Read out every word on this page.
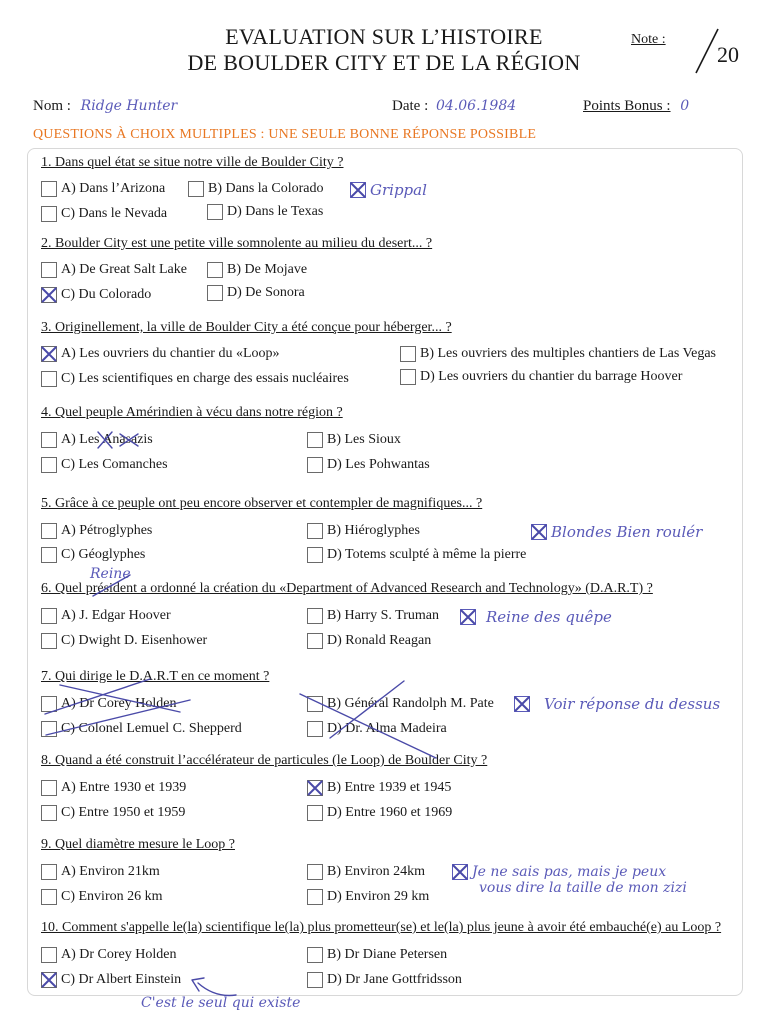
EVALUATION SUR L’HISTOIRE
DE BOULDER CITY ET DE LA RÉGION
Note :
20
Nom : Ridge Hunter	Date : 04.06.1984	Points Bonus : 0
QUESTIONS À CHOIX MULTIPLES : UNE SEULE BONNE RÉPONSE POSSIBLE
1. Dans quel état se situe notre ville de Boulder City ?
A) Dans l’Arizona	B) Dans la Colorado
C) Dans le Nevada	D) Dans le Texas
Grippal
2. Boulder City est une petite ville somnolente au milieu du desert... ?
A) De Great Salt Lake	B) De Mojave
C) Du Colorado	D) De Sonora
3. Originellement, la ville de Boulder City a été conçue pour héberger... ?
A) Les ouvriers du chantier du «Loop»	B) Les ouvriers des multiples chantiers de Las Vegas
C) Les scientifiques en charge des essais nucléaires	D) Les ouvriers du chantier du barrage Hoover
4. Quel peuple Amérindien à vécu dans notre région ?
A) Les Anasazis	B) Les Sioux
C) Les Comanches	D) Les Pohwantas
5. Grâce à ce peuple ont peu encore observer et contempler de magnifiques... ?
A) Pétroglyphes	B) Hiéroglyphes
C) Géoglyphes	D) Totems sculpté à même la pierre
Blondes Bien roulér
Reine
6. Quel président a ordonné la création du «Department of Advanced Research and Technology» (D.A.R.T) ?
A) J. Edgar Hoover	B) Harry S. Truman
C) Dwight D. Eisenhower	D) Ronald Reagan
Reine des quêpe
7. Qui dirige le D.A.R.T en ce moment ?
A) Dr Corey Holden	B) Général Randolph M. Pate
C) Colonel Lemuel C. Shepperd	D) Dr. Alma Madeira
Voir réponse du dessus
8. Quand a été construit l’accélérateur de particules (le Loop) de Boulder City ?
A) Entre 1930 et 1939	B) Entre 1939 et 1945
C) Entre 1950 et 1959	D) Entre 1960 et 1969
9. Quel diamètre mesure le Loop ?
A) Environ 21km	B) Environ 24km
C) Environ 26 km	D) Environ 29 km
Je ne sais pas, mais je peux
vous dire la taille de mon zizi
10. Comment s'appelle le(la) scientifique le(la) plus prometteur(se) et le(la) plus jeune à avoir été embauché(e) au Loop ?
A) Dr Corey Holden	B) Dr Diane Petersen
C) Dr Albert Einstein	D) Dr Jane Gottfridsson
C'est le seul qui existe
